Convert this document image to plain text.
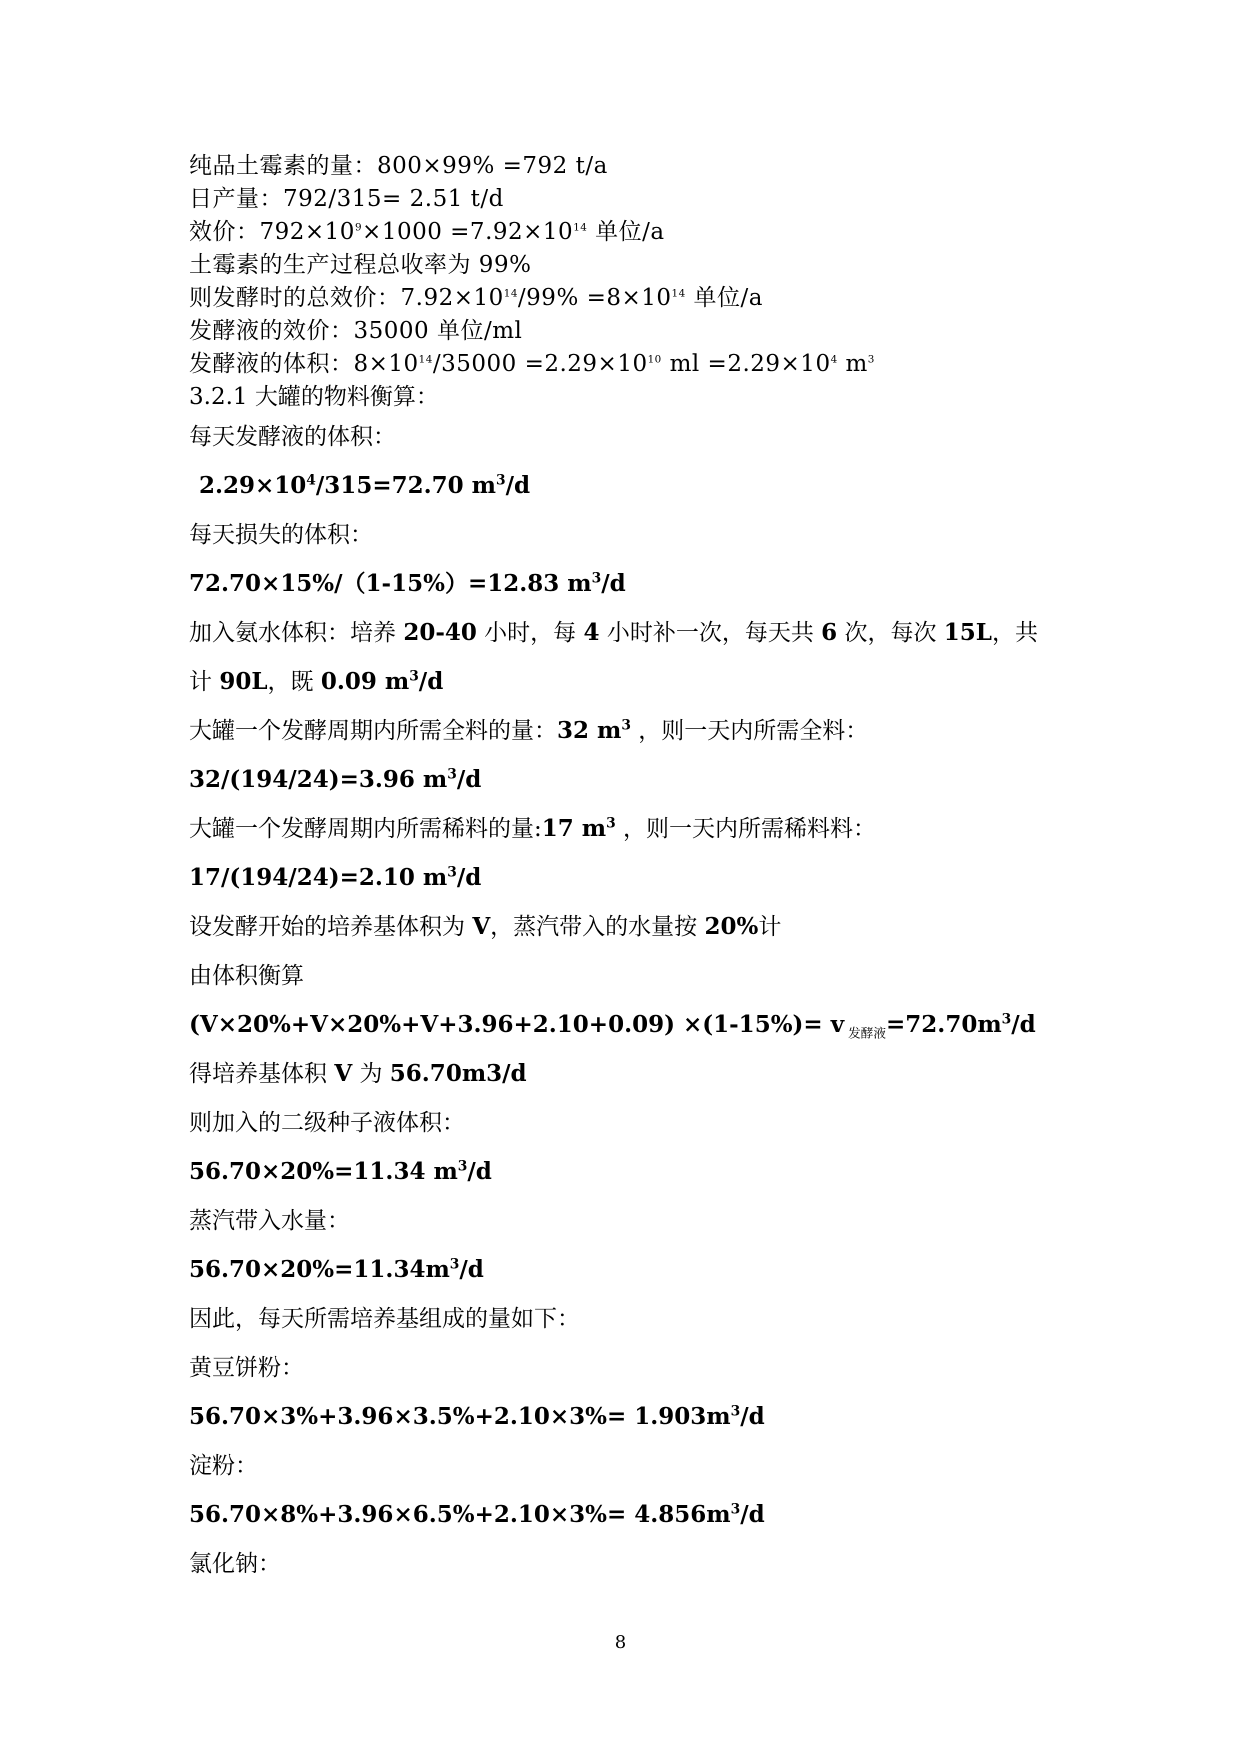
纯品土霉素的量：800×99% =792 t/a
日产量：792/315= 2.51 t/d
效价：$792\times 10^9\times 1000 =7.92\times 10^{14}$ 单位/a
土霉素的生产过程总收率为 99%
则发酵时的总效价：$7.92\times 10^{14}/99\% =8\times 10^{14}$ 单位/a
发酵液的效价：35000 单位/ml
发酵液的体积：$8\times 10^{14}/35000 =2.29\times 10^{10}$ ml $=2.29\times 10^4$ $m^3$
3.2.1 大罐的物料衡算：
每天发酵液的体积：
$2.29\times 10^4/315=72.70$ $m^3/d$
每天损失的体积：
72.70×15%/（1-15%）=12.83 $m^3/d$
加入氨水体积：培养 20-40 小时，每 4 小时补一次，每天共 6 次，每次 15L，共
计 90L，既 0.09 $m^3/d$
大罐一个发酵周期内所需全料的量：32 $m^3$ ，则一天内所需全料：
32/(194/24)=3.96 $m^3/d$
大罐一个发酵周期内所需稀料的量:17 $m^3$ ，则一天内所需稀料料：
17/(194/24)=2.10 $m^3/d$
设发酵开始的培养基体积为 V，蒸汽带入的水量按 20%计
由体积衡算
(V×20%+V×20%+V+3.96+2.10+0.09) ×(1-15%)= v $_{发酵液}=72.70m^3/d$
得培养基体积 V 为 56.70m3/d
则加入的二级种子液体积：
56.70×20%=11.34 $m^3/d$
蒸汽带入水量：
$56.70\times 20\%=11.34m^3/d$
因此，每天所需培养基组成的量如下：
黄豆饼粉：
$56.70\times 3\%+3.96\times 3.5\%+2.10\times 3\%= 1.903m^3/d$
淀粉：
$56.70\times 8\%+3.96\times 6.5\%+2.10\times 3\%= 4.856m^3/d$
氯化钠：
8
